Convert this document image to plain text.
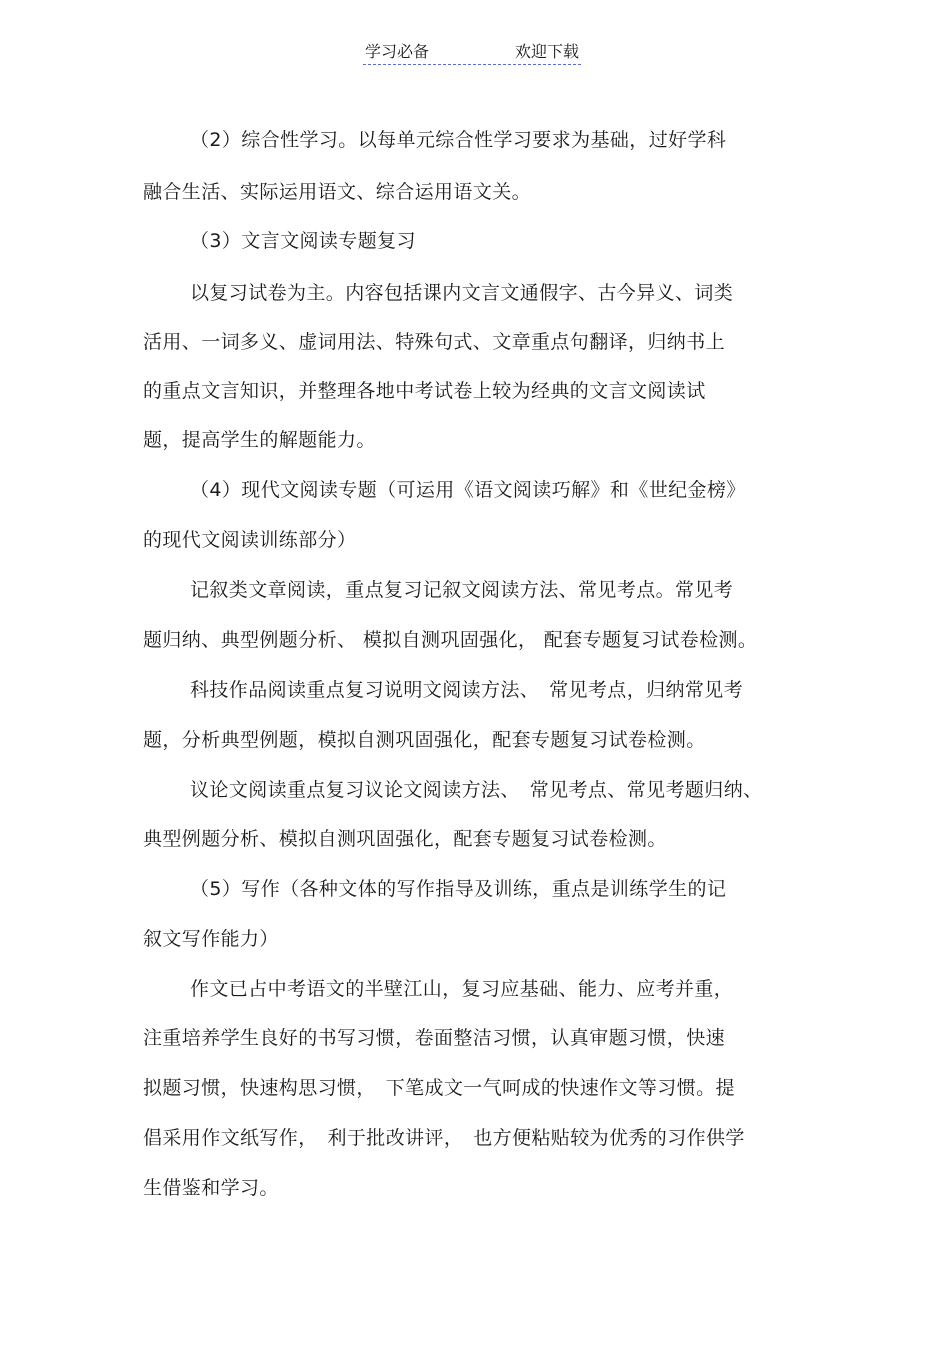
学习必备	欢迎下载
（2）综合性学习。以每单元综合性学习要求为基础，过好学科
融合生活、实际运用语文、综合运用语文关。
（3）文言文阅读专题复习
以复习试卷为主。内容包括课内文言文通假字、古今异义、词类
活用、一词多义、虚词用法、特殊句式、文章重点句翻译，归纳书上
的重点文言知识，并整理各地中考试卷上较为经典的文言文阅读试
题，提高学生的解题能力。
（4）现代文阅读专题（可运用《语文阅读巧解》和《世纪金榜》
的现代文阅读训练部分）
记叙类文章阅读，重点复习记叙文阅读方法、常见考点。常见考
题归纳、典型例题分析、 模拟自测巩固强化， 配套专题复习试卷检测。
科技作品阅读重点复习说明文阅读方法、　常见考点，归纳常见考
题，分析典型例题，模拟自测巩固强化，配套专题复习试卷检测。
议论文阅读重点复习议论文阅读方法、　常见考点、常见考题归纳、
典型例题分析、模拟自测巩固强化，配套专题复习试卷检测。
（5）写作（各种文体的写作指导及训练，重点是训练学生的记
叙文写作能力）
作文已占中考语文的半壁江山，复习应基础、能力、应考并重，
注重培养学生良好的书写习惯，卷面整洁习惯，认真审题习惯，快速
拟题习惯，快速构思习惯，　下笔成文一气呵成的快速作文等习惯。提
倡采用作文纸写作，　利于批改讲评，　也方便粘贴较为优秀的习作供学
生借鉴和学习。
